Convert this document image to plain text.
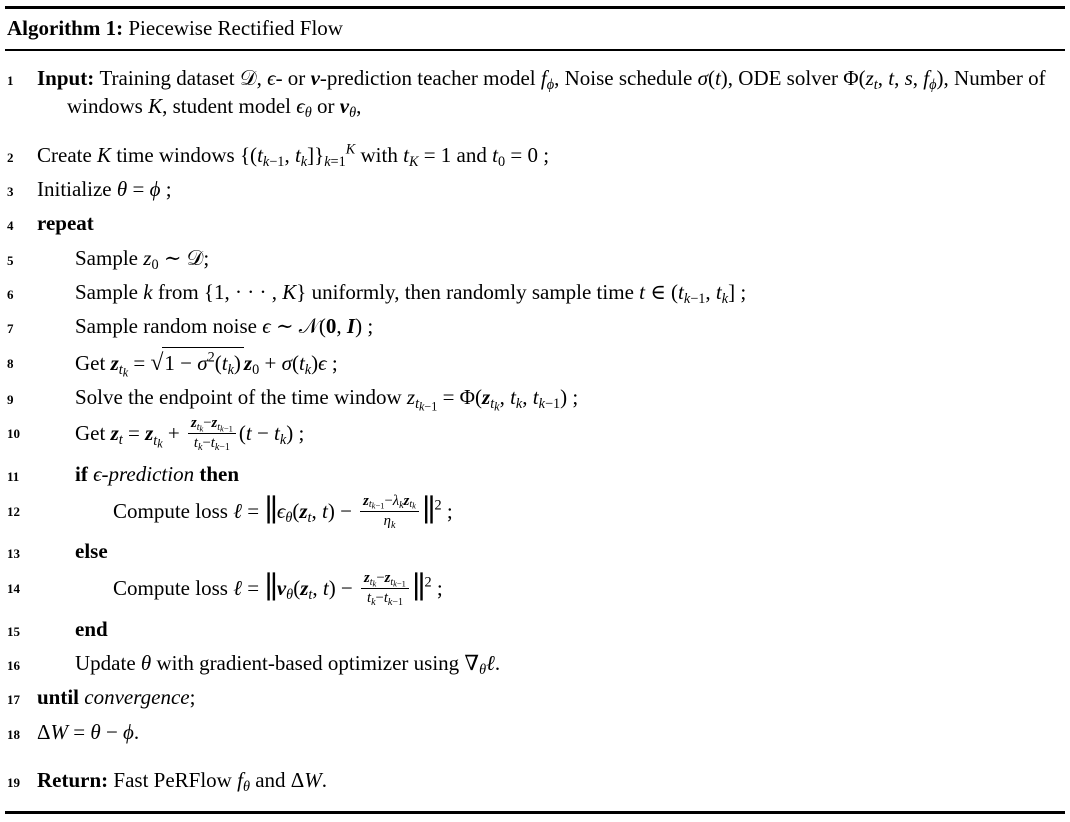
Algorithm 1: Piecewise Rectified Flow
1	Input: Training dataset 𝒟, ϵ- or v-prediction teacher model $f_\phi$, Noise schedule σ(t), ODE solver $\Phi(z_t$, t, s, $f_\phi$), Number of windows K, student model $\epsilon_\theta$ or $v_\theta$,
2	Create K time windows {($t_{k-1}$, $t_k]\}_{k=1}^K$ with $t_K = 1$ and $t_0 = 0$ ;
3	Initialize θ = ϕ ;
4	repeat
5	Sample $z_0$ ∼ 𝒟;
6	Sample k from {1, · · · , K} uniformly, then randomly sample time t ∈ ($t_{k-1}$, $t_k$] ;
7	Sample random noise ϵ ∼ 𝒩(0, I) ;
8	Get $z_{t_k}$ = √ $1 - \sigma^2(t_k) z_0 + \sigma(t_k)\epsilon$ ;
9	Solve the endpoint of the time window $z_{t_{k-1}} = \Phi(z_{t_k}$, $t_k$, $t_{k-1}$) ;
10	Get $z_t = z_{t_k} + \frac{z_{t_k}-z_{t_{k-1}}}{t_k-t_{k-1}} (t - t_k)$ ;
11	if ϵ-prediction then
12	Compute loss ℓ = $\parallel\epsilon_\theta(z_t$, $t) - \frac{z_{t_{k-1}}-\lambda_kz_{t_k}}{\eta_k}$ ∥$^2$ ;
13	else
14	Compute loss ℓ = $\parallel v_\theta(z_t$, $t) - \frac{z_{t_k}-z_{t_{k-1}}}{t_k-t_{k-1}}$ ∥$^2$ ;
15	end
16	Update θ with gradient-based optimizer using $\nabla_\theta\ell$.
17 until convergence;
18 ΔW = θ − ϕ.
19 Return: Fast PeRFlow $f_\theta$ and ΔW.
